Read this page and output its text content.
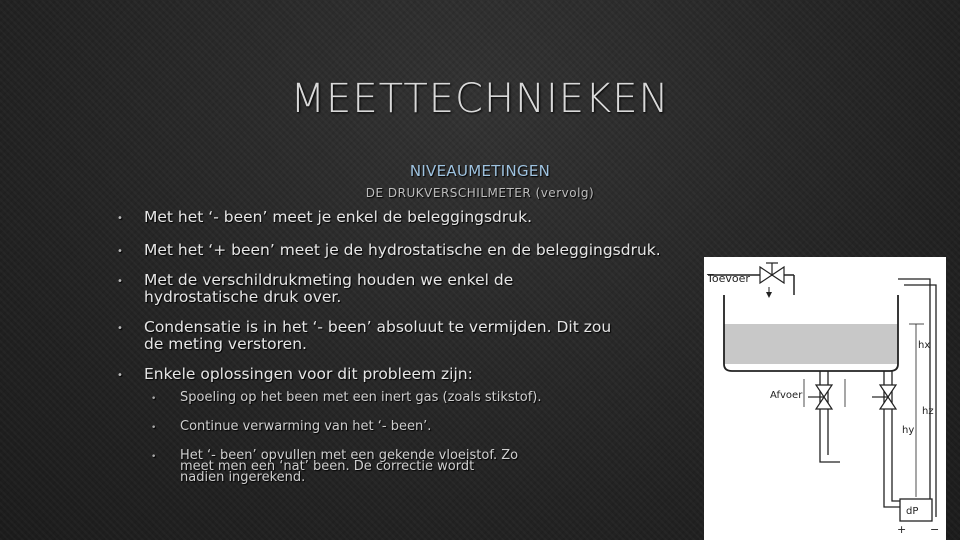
MEETTECHNIEKEN
NIVEAUMETINGEN
DE DRUKVERSCHILMETER (vervolg)
• Met het ‘- been’ meet je enkel de beleggingsdruk.
• Met het ‘+ been’ meet je de hydrostatische en de beleggingsdruk.
• Met de verschildrukmeting houden we enkel de hydrostatische druk over.
• Condensatie is in het ‘- been’ absoluut te vermijden. Dit zou de meting verstoren.
• Enkele oplossingen voor dit probleem zijn:
• Spoeling op het been met een inert gas (zoals stikstof).
• Continue verwarming van het ‘- been’.
• Het ‘- been’ opvullen met een gekende vloeistof. Zo meet men een ‘nat’ been. De correctie wordt nadien ingerekend.
Toevoer
hx
Afvoer
hy
hz
dP
+ −
